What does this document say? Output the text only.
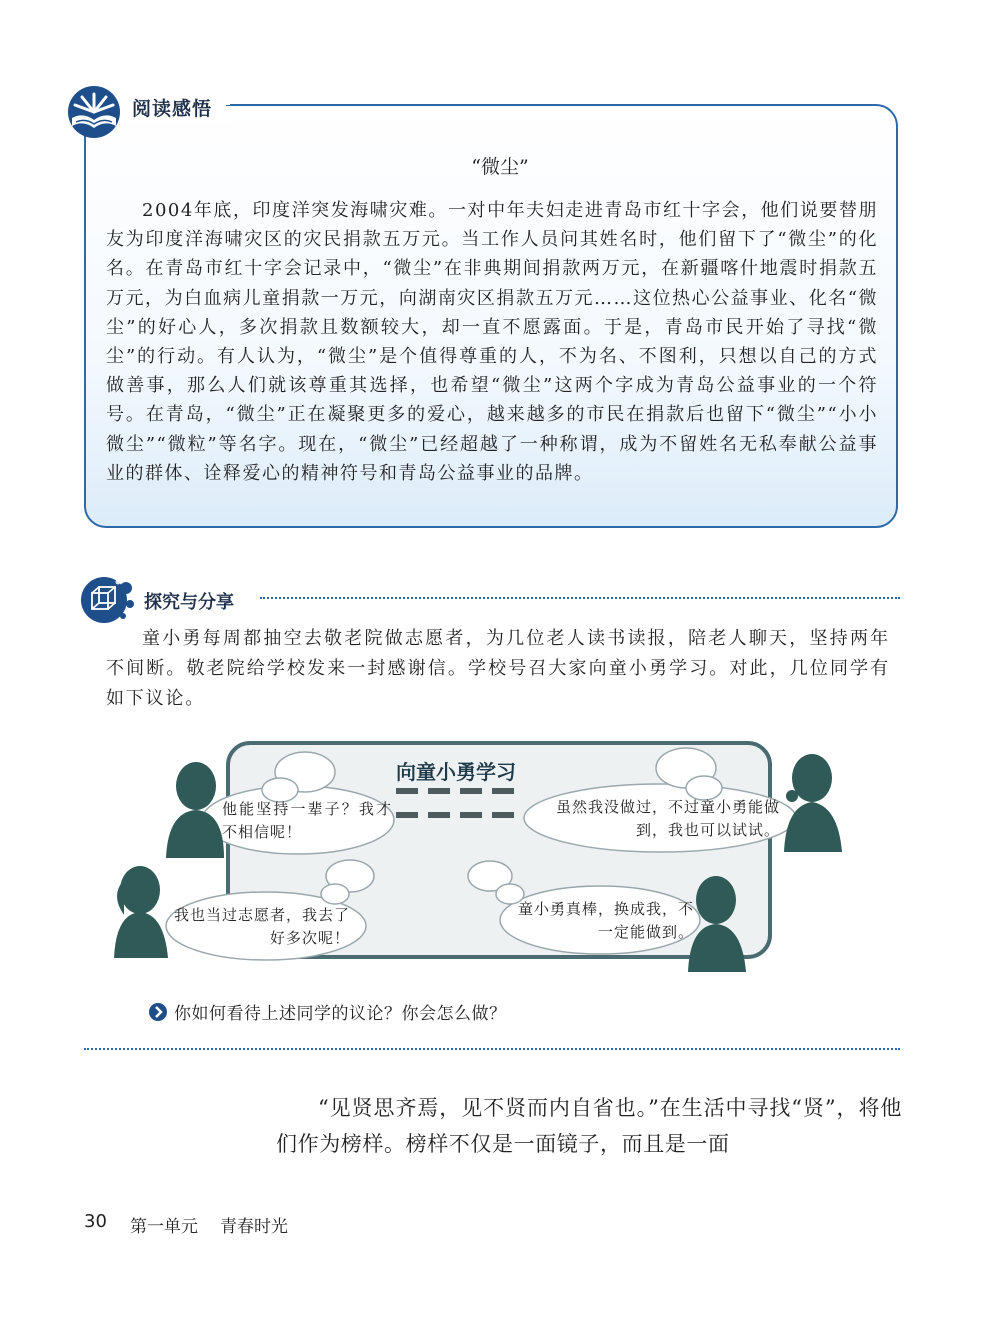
阅读感悟
“微尘”
2004年底，印度洋突发海啸灾难。一对中年夫妇走进青岛市红十字会，他们说要替朋友为印度洋海啸灾区的灾民捐款五万元。当工作人员问其姓名时，他们留下了“微尘”的化名。在青岛市红十字会记录中，“微尘”在非典期间捐款两万元，在新疆喀什地震时捐款五万元，为白血病儿童捐款一万元，向湖南灾区捐款五万元……这位热心公益事业、化名“微尘”的好心人，多次捐款且数额较大，却一直不愿露面。于是，青岛市民开始了寻找“微尘”的行动。有人认为，“微尘”是个值得尊重的人，不为名、不图利，只想以自己的方式做善事，那么人们就该尊重其选择，也希望“微尘”这两个字成为青岛公益事业的一个符号。在青岛，“微尘”正在凝聚更多的爱心，越来越多的市民在捐款后也留下“微尘”“小小微尘”“微粒”等名字。现在，“微尘”已经超越了一种称谓，成为不留姓名无私奉献公益事业的群体、诠释爱心的精神符号和青岛公益事业的品牌。
探究与分享
童小勇每周都抽空去敬老院做志愿者，为几位老人读书读报，陪老人聊天，坚持两年不间断。敬老院给学校发来一封感谢信。学校号召大家向童小勇学习。对此，几位同学有如下议论。
向童小勇学习
他能坚持一辈子？我才不相信呢！
虽然我没做过，不过童小勇能做到，我也可以试试。
我也当过志愿者，我去了好多次呢！
童小勇真棒，换成我，不一定能做到。
你如何看待上述同学的议论？你会怎么做？
“见贤思齐焉，见不贤而内自省也。”在生活中寻找“贤”，将他们作为榜样。榜样不仅是一面镜子，而且是一面
30 第一单元 青春时光
